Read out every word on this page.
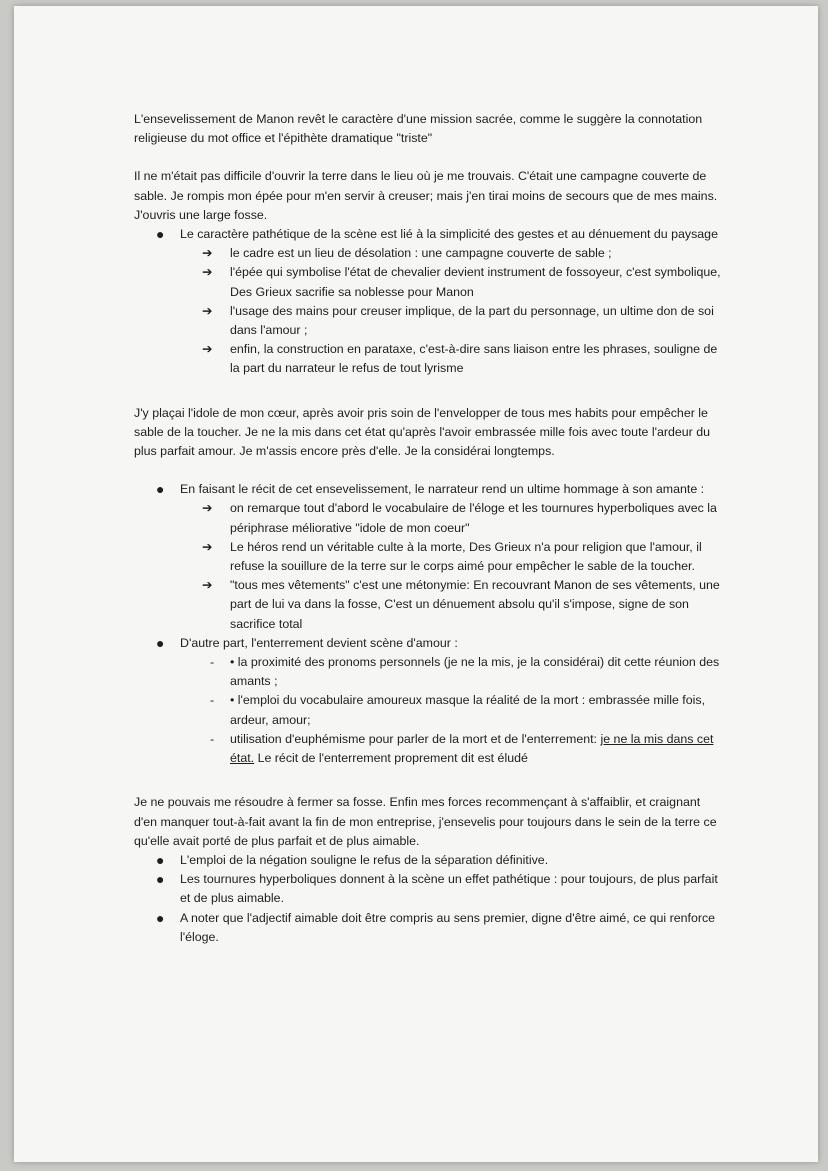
L'ensevelissement de Manon revêt le caractère d'une mission sacrée, comme le suggère la connotation religieuse du mot office et l'épithète dramatique "triste"

Il ne m'était pas difficile d'ouvrir la terre dans le lieu où je me trouvais. C'était une campagne couverte de sable. Je rompis mon épée pour m'en servir à creuser; mais j'en tirai moins de secours que de mes mains. J'ouvris une large fosse.

● Le caractère pathétique de la scène est lié à la simplicité des gestes et au dénuement du paysage
➔ le cadre est un lieu de désolation : une campagne couverte de sable ;
➔ l'épée qui symbolise l'état de chevalier devient instrument de fossoyeur, c'est symbolique, Des Grieux sacrifie sa noblesse pour Manon
➔ l'usage des mains pour creuser implique, de la part du personnage, un ultime don de soi dans l'amour ;
➔ enfin, la construction en parataxe, c'est-à-dire sans liaison entre les phrases, souligne de la part du narrateur le refus de tout lyrisme

J'y plaçai l'idole de mon cœur, après avoir pris soin de l'envelopper de tous mes habits pour empêcher le sable de la toucher. Je ne la mis dans cet état qu'après l'avoir embrassée mille fois avec toute l'ardeur du plus parfait amour. Je m'assis encore près d'elle. Je la considérai longtemps.

● En faisant le récit de cet ensevelissement, le narrateur rend un ultime hommage à son amante :
➔ on remarque tout d'abord le vocabulaire de l'éloge et les tournures hyperboliques avec la périphrase méliorative "idole de mon coeur"
➔ Le héros rend un véritable culte à la morte, Des Grieux n'a pour religion que l'amour, il refuse la souillure de la terre sur le corps aimé pour empêcher le sable de la toucher.
➔ "tous mes vêtements" c'est une métonymie: En recouvrant Manon de ses vêtements, une part de lui va dans la fosse, C'est un dénuement absolu qu'il s'impose, signe de son sacrifice total
● D'autre part, l'enterrement devient scène d'amour :
- • la proximité des pronoms personnels (je ne la mis, je la considérai) dit cette réunion des amants ;
- • l'emploi du vocabulaire amoureux masque la réalité de la mort : embrassée mille fois, ardeur, amour;
- utilisation d'euphémisme pour parler de la mort et de l'enterrement: je ne la mis dans cet état. Le récit de l'enterrement proprement dit est éludé

Je ne pouvais me résoudre à fermer sa fosse. Enfin mes forces recommençant à s'affaiblir, et craignant d'en manquer tout-à-fait avant la fin de mon entreprise, j'ensevelis pour toujours dans le sein de la terre ce qu'elle avait porté de plus parfait et de plus aimable.

● L'emploi de la négation souligne le refus de la séparation définitive.
● Les tournures hyperboliques donnent à la scène un effet pathétique : pour toujours, de plus parfait et de plus aimable.
● A noter que l'adjectif aimable doit être compris au sens premier, digne d'être aimé, ce qui renforce l'éloge.
